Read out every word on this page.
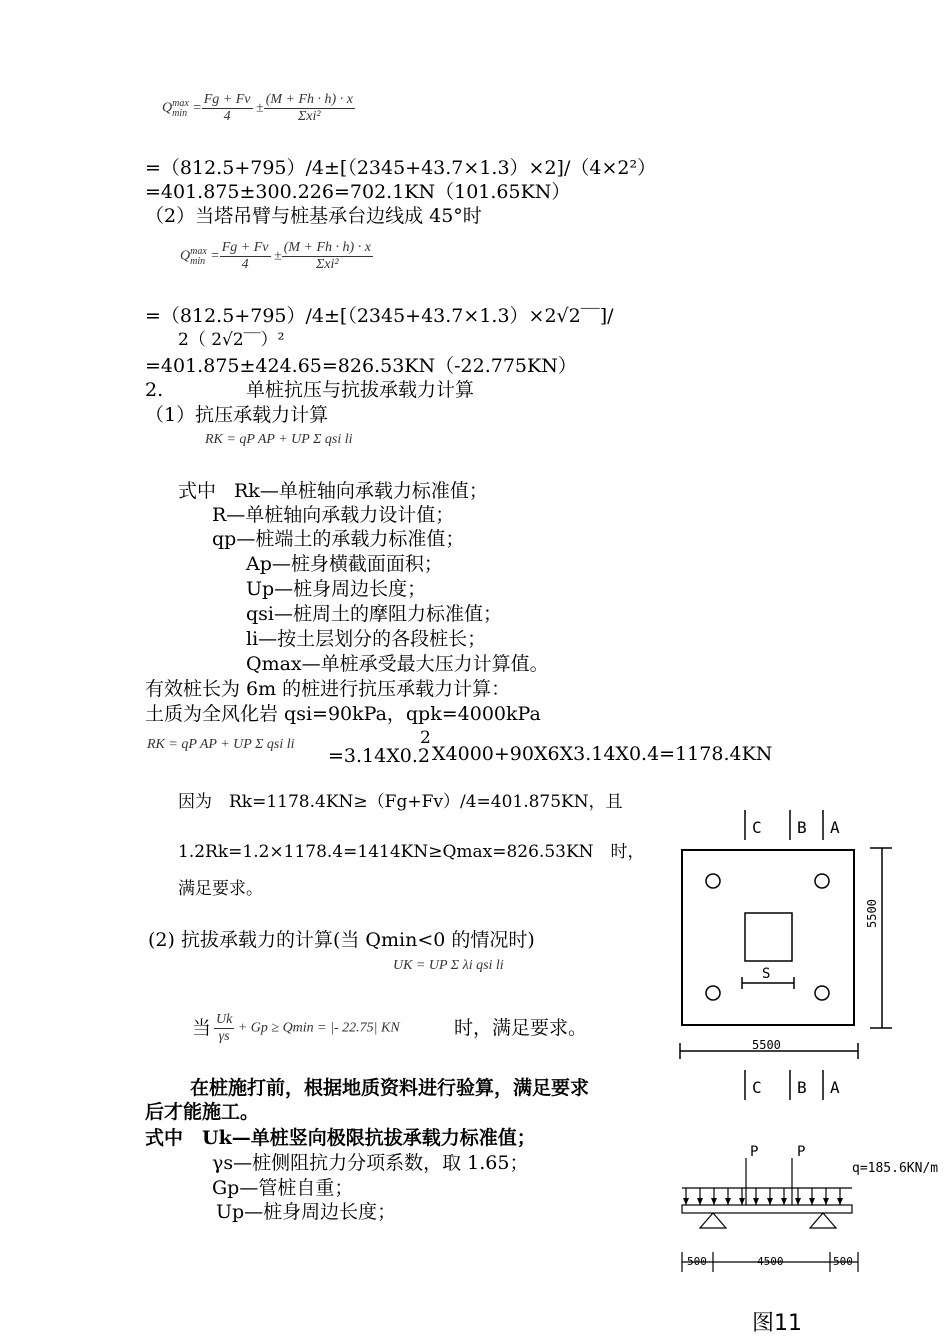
Qmax
$\min = \frac{Fg + Fv}{4} \pm \frac{(M + Fh \cdot h) \cdot x}{\text{Σxi²}}$
=（812.5+795）/4±[（2345+43.7×1.3）×2]/（4×2²）
=401.875±300.226=702.1KN（101.65KN）
（2）当塔吊臂与桩基承台边线成 45°时
Qmax
$\min = \frac{Fg + Fv}{4} \pm \frac{(M + Fh \cdot h) \cdot x}{\text{Σxi²}}$
=（812.5+795）/4±[（2345+43.7×1.3）×2√2‾‾]/
2（ 2√2‾‾）²
=401.875±424.65=826.53KN（-22.775KN）
2.	单桩抗压与抗拔承载力计算
（1）抗压承载力计算
RK = qP AP + UP Σ qsi li
式中 Rk—单桩轴向承载力标准值；
R—单桩轴向承载力设计值；
qp—桩端土的承载力标准值；
Ap—桩身横截面面积；
Up—桩身周边长度；
qsi—桩周土的摩阻力标准值；
li—按土层划分的各段桩长；
Qmax—单桩承受最大压力计算值。
有效桩长为 6m 的桩进行抗压承载力计算：
土质为全风化岩 qsi=90kPa，qpk=4000kPa
RK = qP AP + UP Σ qsi li
=3.14X0.2
2
X4000+90X6X3.14X0.4=1178.4KN
因为　Rk=1178.4KN≥（Fg+Fv）/4=401.875KN，且
1.2Rk=1.2×1178.4=1414KN≥Qmax=826.53KN　时，
满足要求。
(2) 抗拔承载力的计算(当 Qmin<0 的情况时)
UK = UP Σ λi qsi li
当 $\frac{Uk}{\gamma s} + Gp \ge Qmin$ = |- 22.75| KN	时，满足要求。
在桩施打前，根据地质资料进行验算，满足要求
后才能施工。
式中　Uk—单桩竖向极限抗拔承载力标准值；
γs—桩侧阻抗力分项系数，取 1.65；
Gp—管桩自重；
Up—桩身周边长度；
C B A
S
5500
5500
C B A
P	P
q=185.6KN/m
500	4500	500
图11
